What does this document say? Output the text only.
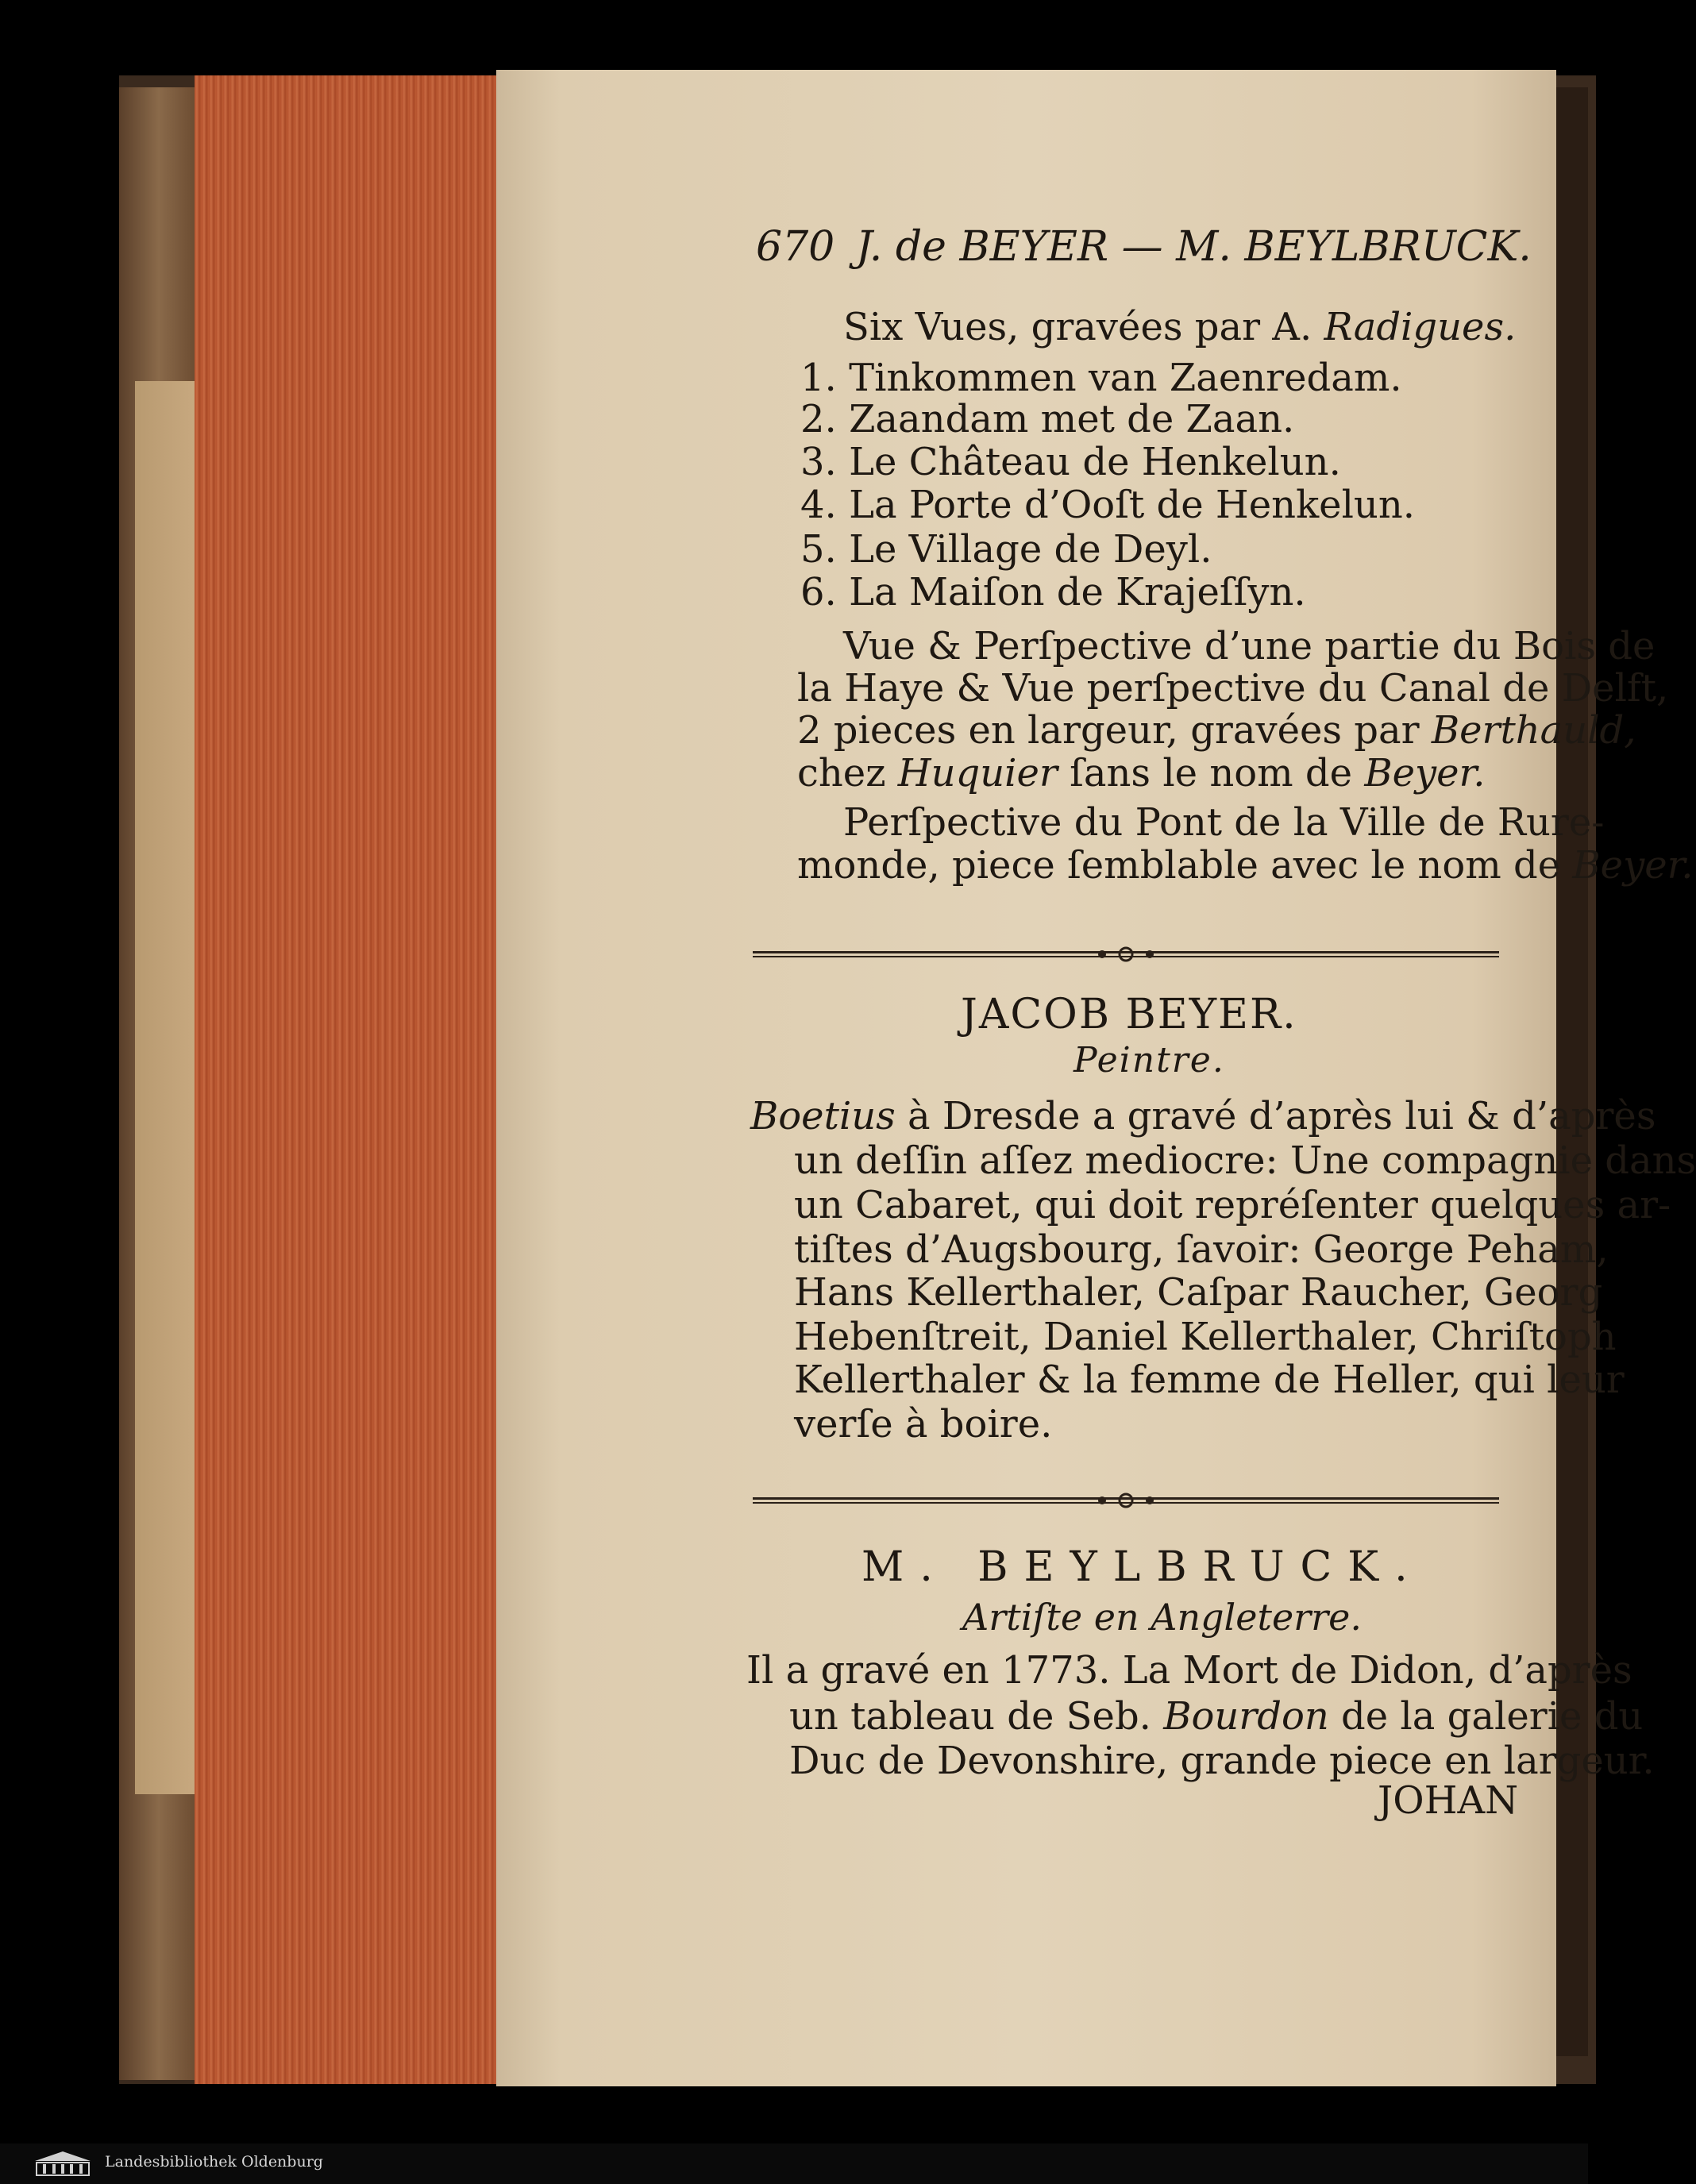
670 J. de BEYER — M. BEYLBRUCK.
Six Vues, gravées par A. Radigues.
1. Tinkommen van Zaenredam.
2. Zaandam met de Zaan.
3. Le Château de Henkelun.
4. La Porte d’Ooſt de Henkelun.
5. Le Village de Deyl.
6. La Maiſon de Krajeſſyn.
Vue & Perſpective d’une partie du Bois de
la Haye & Vue perſpective du Canal de Delft,
2 pieces en largeur, gravées par Berthauld,
chez Huquier ſans le nom de Beyer.
Perſpective du Pont de la Ville de Rure-
monde, piece ſemblable avec le nom de Beyer.
JACOB BEYER.
Peintre.
Boetius à Dresde a gravé d’après lui & d’après
un deſſin aſſez mediocre: Une compagnie dans
un Cabaret, qui doit repréſenter quelques ar-
tiſtes d’Augsbourg, ſavoir: George Peham,
Hans Kellerthaler, Caſpar Raucher, Georg
Hebenſtreit, Daniel Kellerthaler, Chriſtoph
Kellerthaler & la femme de Heller, qui leur
verſe à boire.
M. BEYLBRUCK.
Artiſte en Angleterre.
Il a gravé en 1773. La Mort de Didon, d’après
un tableau de Seb. Bourdon de la galerie du
Duc de Devonshire, grande piece en largeur.
JOHAN
Landesbibliothek Oldenburg
